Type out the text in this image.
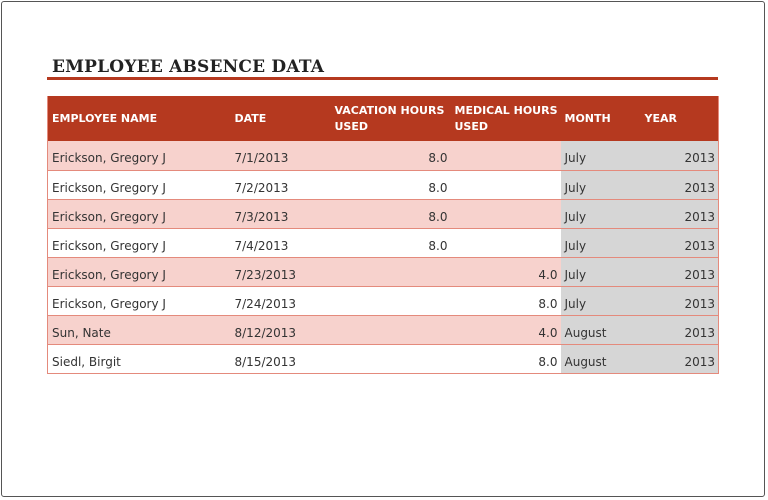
EMPLOYEE ABSENCE DATA
EMPLOYEE NAME	DATE	VACATION HOURS USED	MEDICAL HOURS USED	MONTH	YEAR
Erickson, Gregory J	7/1/2013	8.0		July	2013
Erickson, Gregory J	7/2/2013	8.0		July	2013
Erickson, Gregory J	7/3/2013	8.0		July	2013
Erickson, Gregory J	7/4/2013	8.0		July	2013
Erickson, Gregory J	7/23/2013		4.0	July	2013
Erickson, Gregory J	7/24/2013		8.0	July	2013
Sun, Nate	8/12/2013		4.0	August	2013
Siedl, Birgit	8/15/2013		8.0	August	2013
